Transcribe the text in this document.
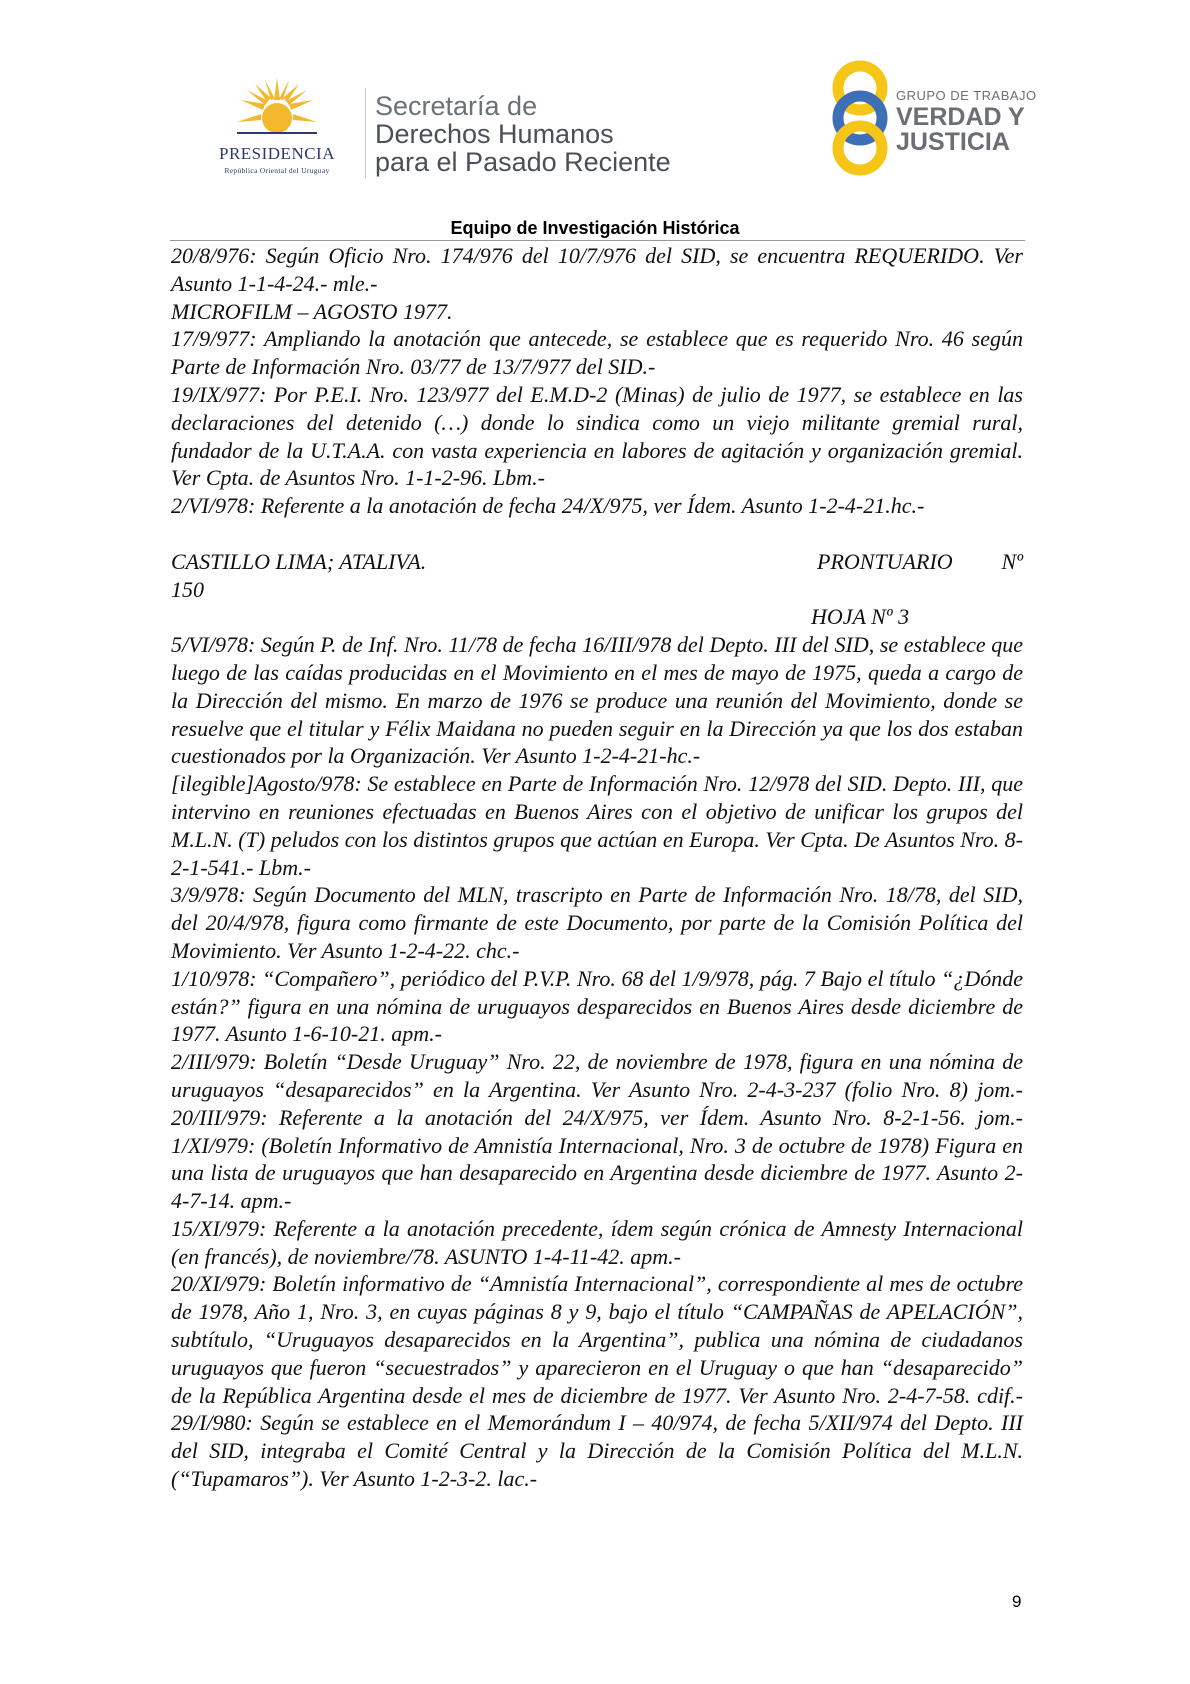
PRESIDENCIA
República Oriental del Uruguay
Secretaría de
Derechos Humanos
para el Pasado Reciente
GRUPO DE TRABAJO
VERDAD Y
JUSTICIA
Equipo de Investigación Histórica

20/8/976: Según Oficio Nro. 174/976 del 10/7/976 del SID, se encuentra REQUERIDO. Ver Asunto 1-1-4-24.- mle.-

MICROFILM – AGOSTO 1977.

17/9/977: Ampliando la anotación que antecede, se establece que es requerido Nro. 46 según Parte de Información Nro. 03/77 de 13/7/977 del SID.-

19/IX/977: Por P.E.I. Nro. 123/977 del E.M.D-2 (Minas) de julio de 1977, se establece en las declaraciones del detenido (…) donde lo sindica como un viejo militante gremial rural, fundador de la U.T.A.A. con vasta experiencia en labores de agitación y organización gremial. Ver Cpta. de Asuntos Nro. 1-1-2-96. Lbm.-

2/VI/978: Referente a la anotación de fecha 24/X/975, ver Ídem. Asunto 1-2-4-21.hc.-

CASTILLO LIMA; ATALIVA.	PRONTUARIO Nº

150

HOJA Nº 3

5/VI/978: Según P. de Inf. Nro. 11/78 de fecha 16/III/978 del Depto. III del SID, se establece que luego de las caídas producidas en el Movimiento en el mes de mayo de 1975, queda a cargo de la Dirección del mismo. En marzo de 1976 se produce una reunión del Movimiento, donde se resuelve que el titular y Félix Maidana no pueden seguir en la Dirección ya que los dos estaban cuestionados por la Organización. Ver Asunto 1-2-4-21-hc.-

[ilegible]Agosto/978: Se establece en Parte de Información Nro. 12/978 del SID. Depto. III, que intervino en reuniones efectuadas en Buenos Aires con el objetivo de unificar los grupos del M.L.N. (T) peludos con los distintos grupos que actúan en Europa. Ver Cpta. De Asuntos Nro. 8-2-1-541.- Lbm.-

3/9/978: Según Documento del MLN, trascripto en Parte de Información Nro. 18/78, del SID, del 20/4/978, figura como firmante de este Documento, por parte de la Comisión Política del Movimiento. Ver Asunto 1-2-4-22. chc.-

1/10/978: “Compañero”, periódico del P.V.P. Nro. 68 del 1/9/978, pág. 7 Bajo el título “¿Dónde están?” figura en una nómina de uruguayos desparecidos en Buenos Aires desde diciembre de 1977. Asunto 1-6-10-21. apm.-

2/III/979: Boletín “Desde Uruguay” Nro. 22, de noviembre de 1978, figura en una nómina de uruguayos “desaparecidos” en la Argentina. Ver Asunto Nro. 2-4-3-237 (folio Nro. 8) jom.- 20/III/979: Referente a la anotación del 24/X/975, ver Ídem. Asunto Nro. 8-2-1-56. jom.- 1/XI/979: (Boletín Informativo de Amnistía Internacional, Nro. 3 de octubre de 1978) Figura en una lista de uruguayos que han desaparecido en Argentina desde diciembre de 1977. Asunto 2-4-7-14. apm.-

15/XI/979: Referente a la anotación precedente, ídem según crónica de Amnesty Internacional (en francés), de noviembre/78. ASUNTO 1-4-11-42. apm.-

20/XI/979: Boletín informativo de “Amnistía Internacional”, correspondiente al mes de octubre de 1978, Año 1, Nro. 3, en cuyas páginas 8 y 9, bajo el título “CAMPAÑAS de APELACIÓN”, subtítulo, “Uruguayos desaparecidos en la Argentina”, publica una nómina de ciudadanos uruguayos que fueron “secuestrados” y aparecieron en el Uruguay o que han “desaparecido” de la República Argentina desde el mes de diciembre de 1977. Ver Asunto Nro. 2-4-7-58. cdif.- 29/I/980: Según se establece en el Memorándum I – 40/974, de fecha 5/XII/974 del Depto. III del SID, integraba el Comité Central y la Dirección de la Comisión Política del M.L.N. (“Tupamaros”). Ver Asunto 1-2-3-2. lac.-

9
